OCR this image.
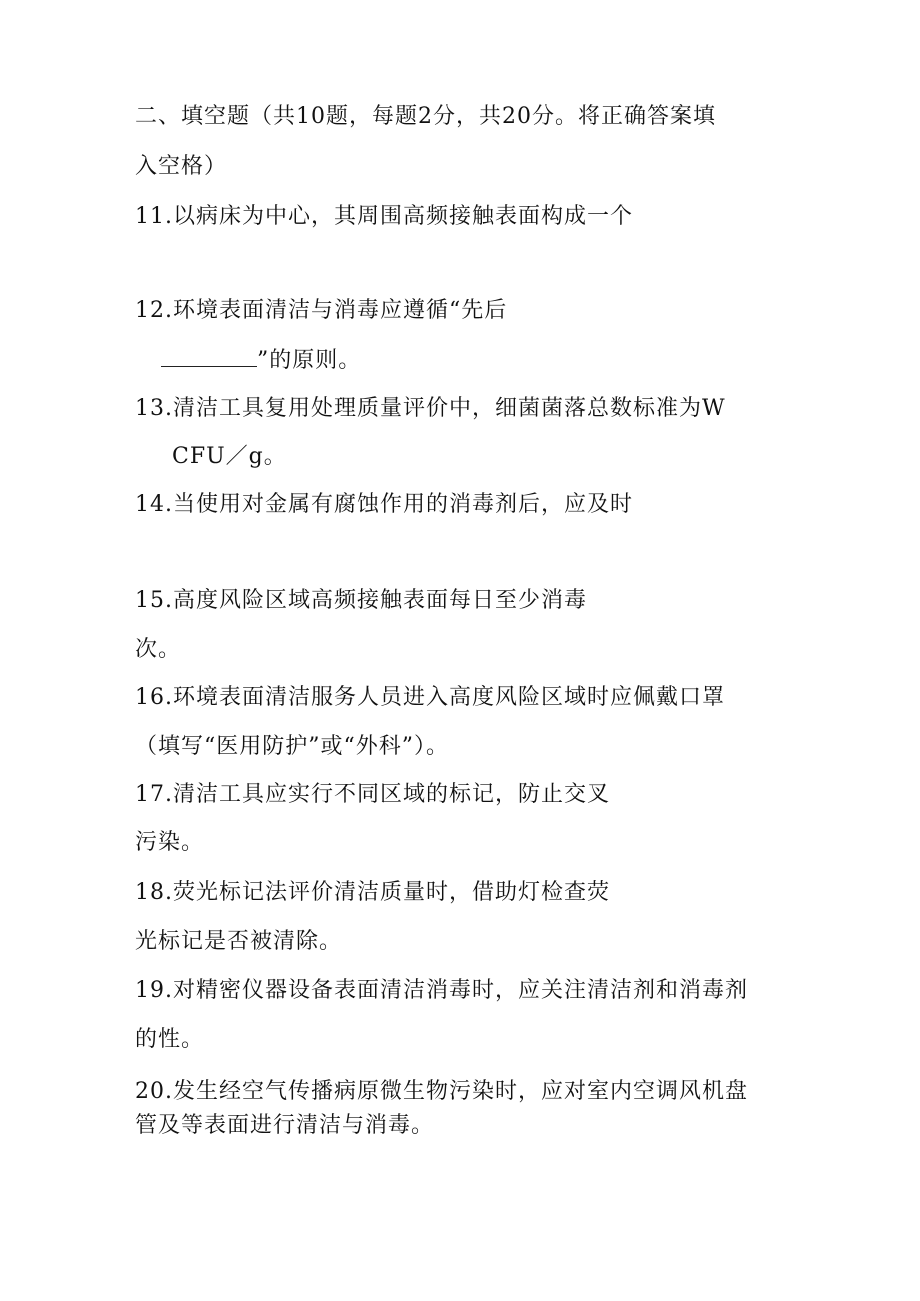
二、填空题（共10题，每题2分，共20分。将正确答案填
入空格）
11.以病床为中心，其周围高频接触表面构成一个
12.环境表面清洁与消毒应遵循“先后
”的原则。
13.清洁工具复用处理质量评价中，细菌菌落总数标准为W
CFU／g。
14.当使用对金属有腐蚀作用的消毒剂后，应及时
15.高度风险区域高频接触表面每日至少消毒
次。
16.环境表面清洁服务人员进入高度风险区域时应佩戴口罩
（填写“医用防护”或“外科”）。
17.清洁工具应实行不同区域的标记，防止交叉
污染。
18.荧光标记法评价清洁质量时，借助灯检查荧
光标记是否被清除。
19.对精密仪器设备表面清洁消毒时，应关注清洁剂和消毒剂
的性。
20.发生经空气传播病原微生物污染时，应对室内空调风机盘
管及等表面进行清洁与消毒。
